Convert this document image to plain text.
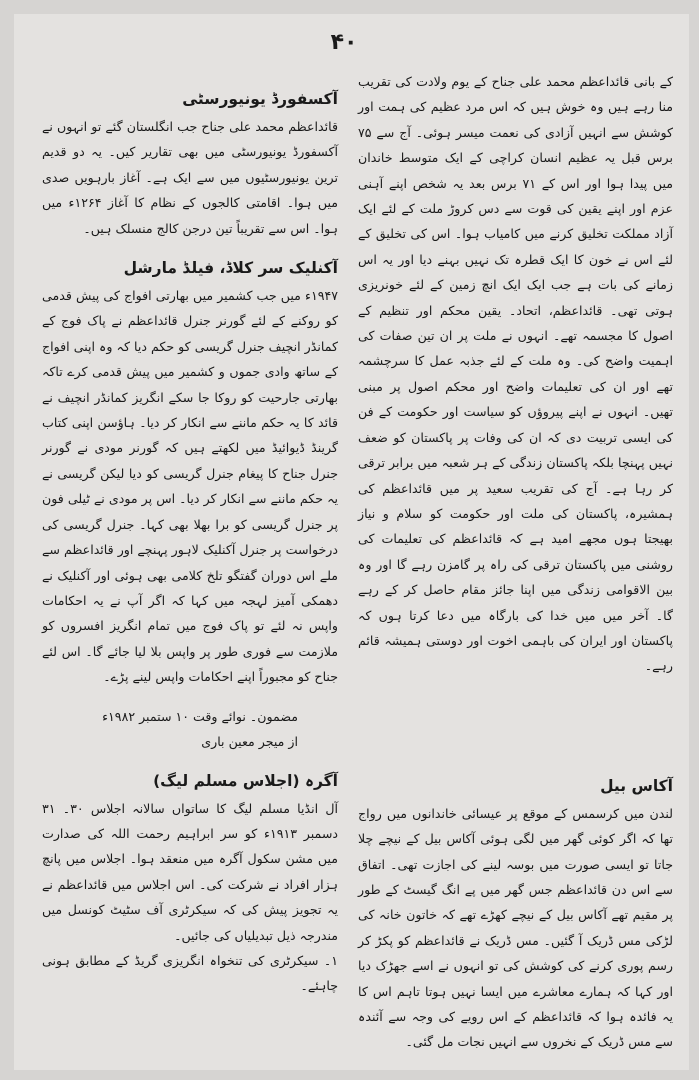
۴۰

کے بانی قائداعظم محمد علی جناح کے یوم ولادت کی تقریب منا رہے ہیں وہ خوش ہیں کہ اس مرد عظیم کی ہمت اور کوشش سے انہیں آزادی کی نعمت میسر ہوئی۔ آج سے ۷۵ برس قبل یہ عظیم انسان کراچی کے ایک متوسط خاندان میں پیدا ہوا اور اس کے ۷۱ برس بعد یہ شخص اپنے آہنی عزم اور اپنے یقین کی قوت سے دس کروڑ ملت کے لئے ایک آزاد مملکت تخلیق کرنے میں کامیاب ہوا۔ اس کی تخلیق کے لئے اس نے خون کا ایک قطرہ تک نہیں بہنے دیا اور یہ اس زمانے کی بات ہے جب ایک ایک انچ زمین کے لئے خونریزی ہوتی تھی۔ قائداعظم، اتحاد۔ یقین محکم اور تنظیم کے اصول کا مجسمہ تھے۔ انہوں نے ملت پر ان تین صفات کی اہمیت واضح کی۔ وہ ملت کے لئے جذبہ عمل کا سرچشمہ تھے اور ان کی تعلیمات واضح اور محکم اصول پر مبنی تھیں۔ انہوں نے اپنے پیروؤں کو سیاست اور حکومت کے فن کی ایسی تربیت دی کہ ان کی وفات پر پاکستان کو ضعف نہیں پہنچا بلکہ پاکستان زندگی کے ہر شعبہ میں برابر ترقی کر رہا ہے۔ آج کی تقریب سعید پر میں قائداعظم کی ہمشیرہ، پاکستان کی ملت اور حکومت کو سلام و نیاز بھیجتا ہوں مجھے امید ہے کہ قائداعظم کی تعلیمات کی روشنی میں پاکستان ترقی کی راہ پر گامزن رہے گا اور وہ بین الاقوامی زندگی میں اپنا جائز مقام حاصل کر کے رہے گا۔ آخر میں میں خدا کی بارگاہ میں دعا کرتا ہوں کہ پاکستان اور ایران کی باہمی اخوت اور دوستی ہمیشہ قائم رہے۔

آکاس بیل

لندن میں کرسمس کے موقع پر عیسائی خاندانوں میں رواج تھا کہ اگر کوئی گھر میں لگی ہوئی آکاس بیل کے نیچے چلا جاتا تو ایسی صورت میں بوسہ لینے کی اجازت تھی۔ اتفاق سے اس دن قائداعظم جس گھر میں پے انگ گیسٹ کے طور پر مقیم تھے آکاس بیل کے نیچے کھڑے تھے کہ خاتون خانہ کی لڑکی مس ڈریک آ گئیں۔ مس ڈریک نے قائداعظم کو پکڑ کر رسم پوری کرنے کی کوشش کی تو انہوں نے اسے جھڑک دیا اور کہا کہ ہمارے معاشرے میں ایسا نہیں ہوتا تاہم اس کا یہ فائدہ ہوا کہ قائداعظم کے اس رویے کی وجہ سے آئندہ سے مس ڈریک کے نخروں سے انہیں نجات مل گئی۔

آکسفورڈ یونیورسٹی

قائداعظم محمد علی جناح جب انگلستان گئے تو انہوں نے آکسفورڈ یونیورسٹی میں بھی تقاریر کیں۔ یہ دو قدیم ترین یونیورسٹیوں میں سے ایک ہے۔ آغاز بارہویں صدی میں ہوا۔ اقامتی کالجوں کے نظام کا آغاز ۱۲۶۴ء میں ہوا۔ اس سے تقریباً تین درجن کالج منسلک ہیں۔

آکنلیک سر کلاڈ، فیلڈ مارشل

۱۹۴۷ء میں جب کشمیر میں بھارتی افواج کی پیش قدمی کو روکنے کے لئے گورنر جنرل قائداعظم نے پاک فوج کے کمانڈر انچیف جنرل گریسی کو حکم دیا کہ وہ اپنی افواج کے ساتھ وادی جموں و کشمیر میں پیش قدمی کرے تاکہ بھارتی جارحیت کو روکا جا سکے انگریز کمانڈر انچیف نے قائد کا یہ حکم ماننے سے انکار کر دیا۔ ہاؤسن اپنی کتاب گرینڈ ڈیوائیڈ میں لکھتے ہیں کہ گورنر مودی نے گورنر جنرل جناح کا پیغام جنرل گریسی کو دیا لیکن گریسی نے یہ حکم ماننے سے انکار کر دیا۔ اس پر مودی نے ٹیلی فون پر جنرل گریسی کو برا بھلا بھی کہا۔ جنرل گریسی کی درخواست پر جنرل آکنلیک لاہور پہنچے اور قائداعظم سے ملے اس دوران گفتگو تلخ کلامی بھی ہوئی اور آکنلیک نے دھمکی آمیز لہجہ میں کہا کہ اگر آپ نے یہ احکامات واپس نہ لئے تو پاک فوج میں تمام انگریز افسروں کو ملازمت سے فوری طور پر واپس بلا لیا جائے گا۔ اس لئے جناح کو مجبوراً اپنے احکامات واپس لینے پڑے۔

مضمون۔ نوائے وقت ۱۰ ستمبر ۱۹۸۲ء
از میجر معین باری
آگرہ (اجلاس مسلم لیگ)

آل انڈیا مسلم لیگ کا ساتواں سالانہ اجلاس ۳۰۔ ۳۱ دسمبر ۱۹۱۳ء کو سر ابراہیم رحمت اللہ کی صدارت میں مشن سکول آگرہ میں منعقد ہوا۔ اجلاس میں پانچ ہزار افراد نے شرکت کی۔ اس اجلاس میں قائداعظم نے یہ تجویز پیش کی کہ سیکرٹری آف سٹیٹ کونسل میں مندرجہ ذیل تبدیلیاں کی جائیں۔

۱۔ سیکرٹری کی تنخواہ انگریزی گریڈ کے مطابق ہونی چاہئے۔
